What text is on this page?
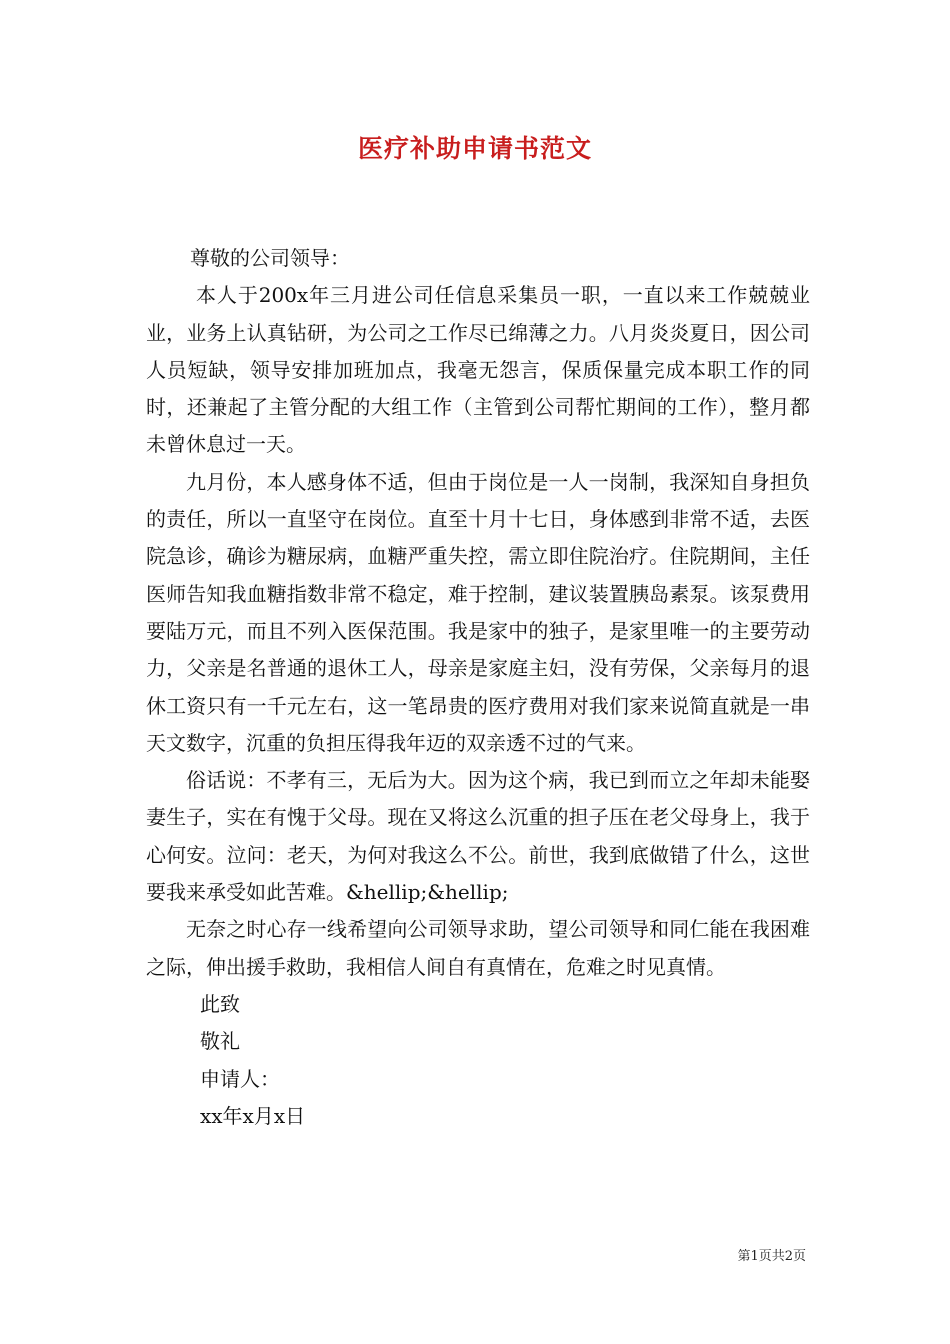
医疗补助申请书范文

尊敬的公司领导：

本人于200x年三月进公司任信息采集员一职，一直以来工作兢兢业业，业务上认真钻研，为公司之工作尽已绵薄之力。八月炎炎夏日，因公司人员短缺，领导安排加班加点，我毫无怨言，保质保量完成本职工作的同时，还兼起了主管分配的大组工作（主管到公司帮忙期间的工作），整月都未曾休息过一天。

九月份，本人感身体不适，但由于岗位是一人一岗制，我深知自身担负的责任，所以一直坚守在岗位。直至十月十七日，身体感到非常不适，去医院急诊，确诊为糖尿病，血糖严重失控，需立即住院治疗。住院期间，主任医师告知我血糖指数非常不稳定，难于控制，建议装置胰岛素泵。该泵费用要陆万元，而且不列入医保范围。我是家中的独子，是家里唯一的主要劳动力，父亲是名普通的退休工人，母亲是家庭主妇，没有劳保，父亲每月的退休工资只有一千元左右，这一笔昂贵的医疗费用对我们家来说简直就是一串天文数字，沉重的负担压得我年迈的双亲透不过的气来。

俗话说：不孝有三，无后为大。因为这个病，我已到而立之年却未能娶妻生子，实在有愧于父母。现在又将这么沉重的担子压在老父母身上，我于心何安。泣问：老天，为何对我这么不公。前世，我到底做错了什么，这世要我来承受如此苦难。&hellip;&hellip;

无奈之时心存一线希望向公司领导求助，望公司领导和同仁能在我困难之际，伸出援手救助，我相信人间自有真情在，危难之时见真情。

此致

敬礼

申请人：

xx年x月x日

第1页共2页
